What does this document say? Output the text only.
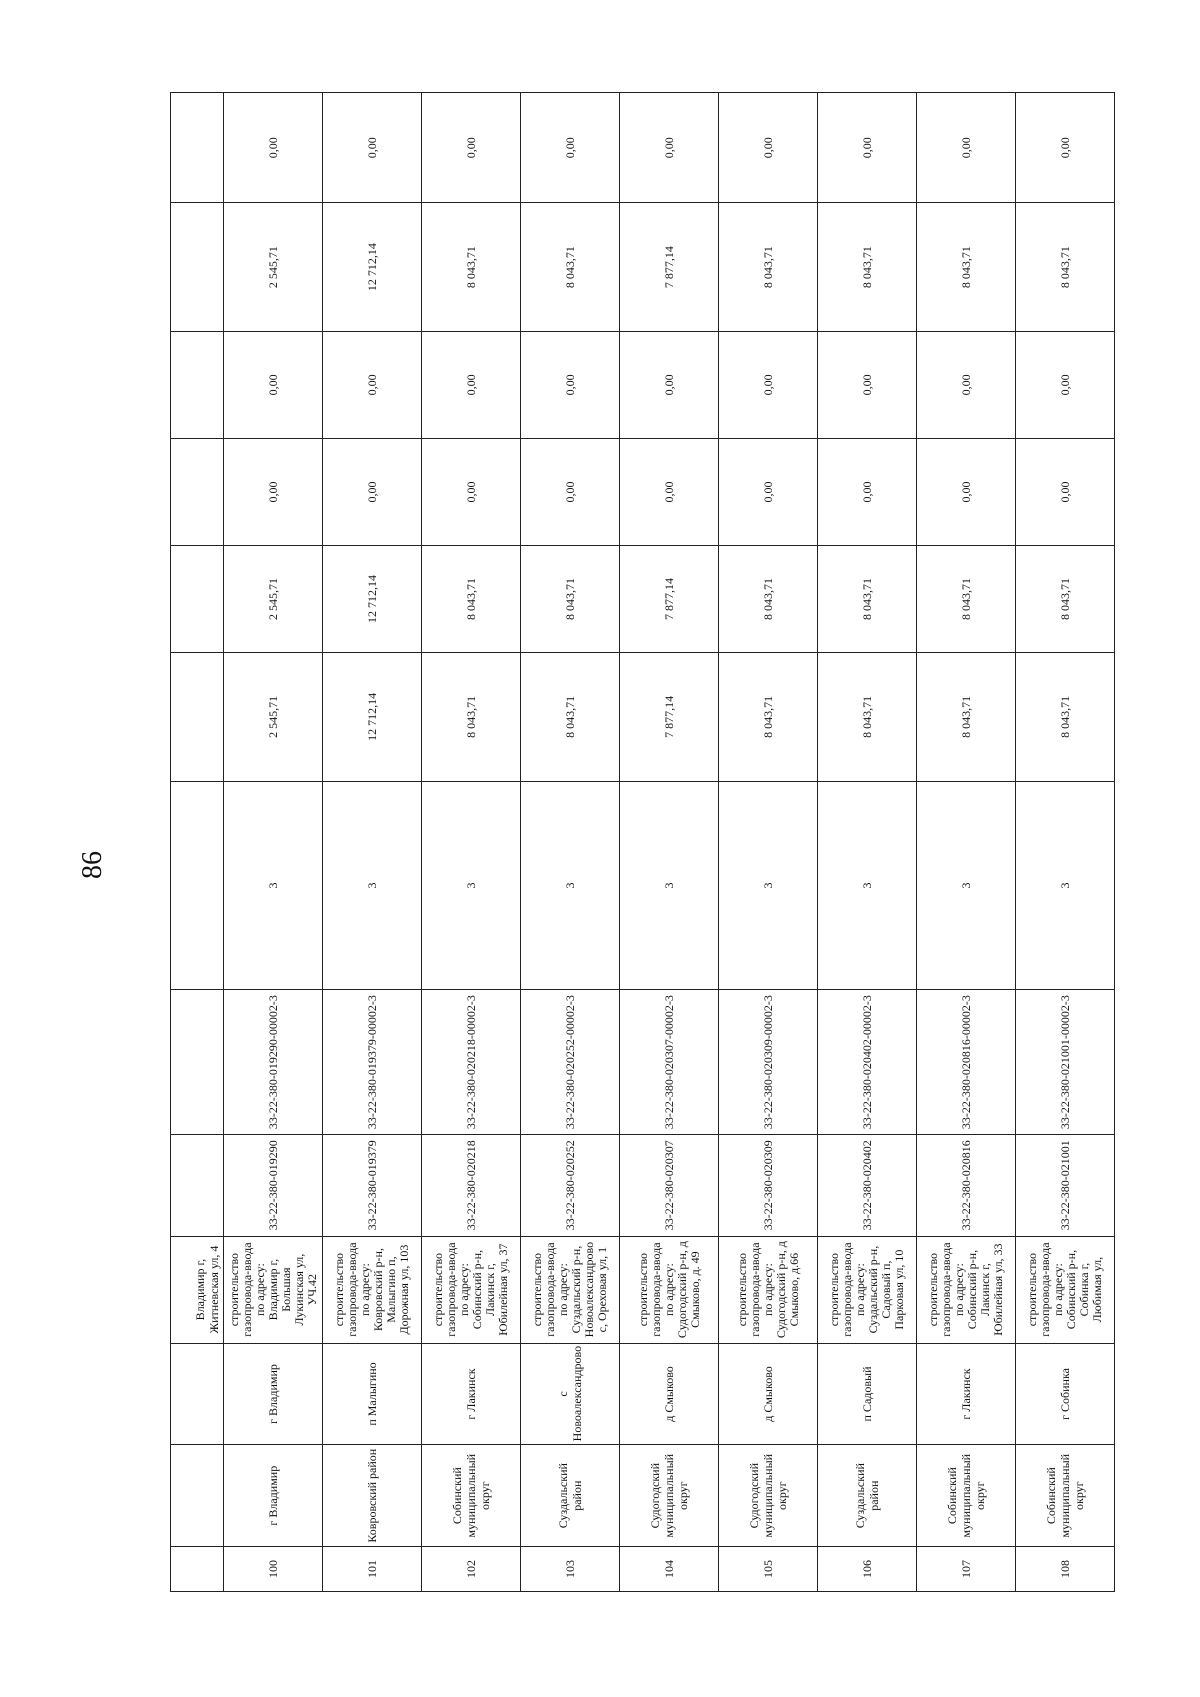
86
			Владимир г, Житневская ул, 4									
100	г Владимир	г Владимир	строительство газопровода-ввода по адресу: Владимир г, Большая Лукинская ул, УЧ.42	33-22-380-019290	33-22-380-019290-00002-3	3	2 545,71	2 545,71	0,00	0,00	2 545,71	0,00
101	Ковровский район	п Малыгино	строительство газопровода-ввода по адресу: Ковровский р-н, Малыгино п, Дорожная ул, 103	33-22-380-019379	33-22-380-019379-00002-3	3	12 712,14	12 712,14	0,00	0,00	12 712,14	0,00
102	Собинский муниципальный округ	г Лакинск	строительство газопровода-ввода по адресу: Собинский р-н, Лакинск г, Юбилейная ул, 37	33-22-380-020218	33-22-380-020218-00002-3	3	8 043,71	8 043,71	0,00	0,00	8 043,71	0,00
103	Суздальский район	с Новоалександрово	строительство газопровода-ввода по адресу: Суздальский р-н, Новоалександрово с, Ореховая ул, 1	33-22-380-020252	33-22-380-020252-00002-3	3	8 043,71	8 043,71	0,00	0,00	8 043,71	0,00
104	Судогодский муниципальный округ	д Смыково	строительство газопровода-ввода по адресу: Судогодский р-н, д Смыково, д. 49	33-22-380-020307	33-22-380-020307-00002-3	3	7 877,14	7 877,14	0,00	0,00	7 877,14	0,00
105	Судогодский муниципальный округ	д Смыково	строительство газопровода-ввода по адресу: Судогодский р-н, д Смыково, д.66	33-22-380-020309	33-22-380-020309-00002-3	3	8 043,71	8 043,71	0,00	0,00	8 043,71	0,00
106	Суздальский район	п Садовый	строительство газопровода-ввода по адресу: Суздальский р-н, Садовый п, Парковая ул, 10	33-22-380-020402	33-22-380-020402-00002-3	3	8 043,71	8 043,71	0,00	0,00	8 043,71	0,00
107	Собинский муниципальный округ	г Лакинск	строительство газопровода-ввода по адресу: Собинский р-н, Лакинск г, Юбилейная ул, 33	33-22-380-020816	33-22-380-020816-00002-3	3	8 043,71	8 043,71	0,00	0,00	8 043,71	0,00
108	Собинский муниципальный округ	г Собинка	строительство газопровода-ввода по адресу: Собинский р-н, Собинка г, Любимая ул,	33-22-380-021001	33-22-380-021001-00002-3	3	8 043,71	8 043,71	0,00	0,00	8 043,71	0,00
